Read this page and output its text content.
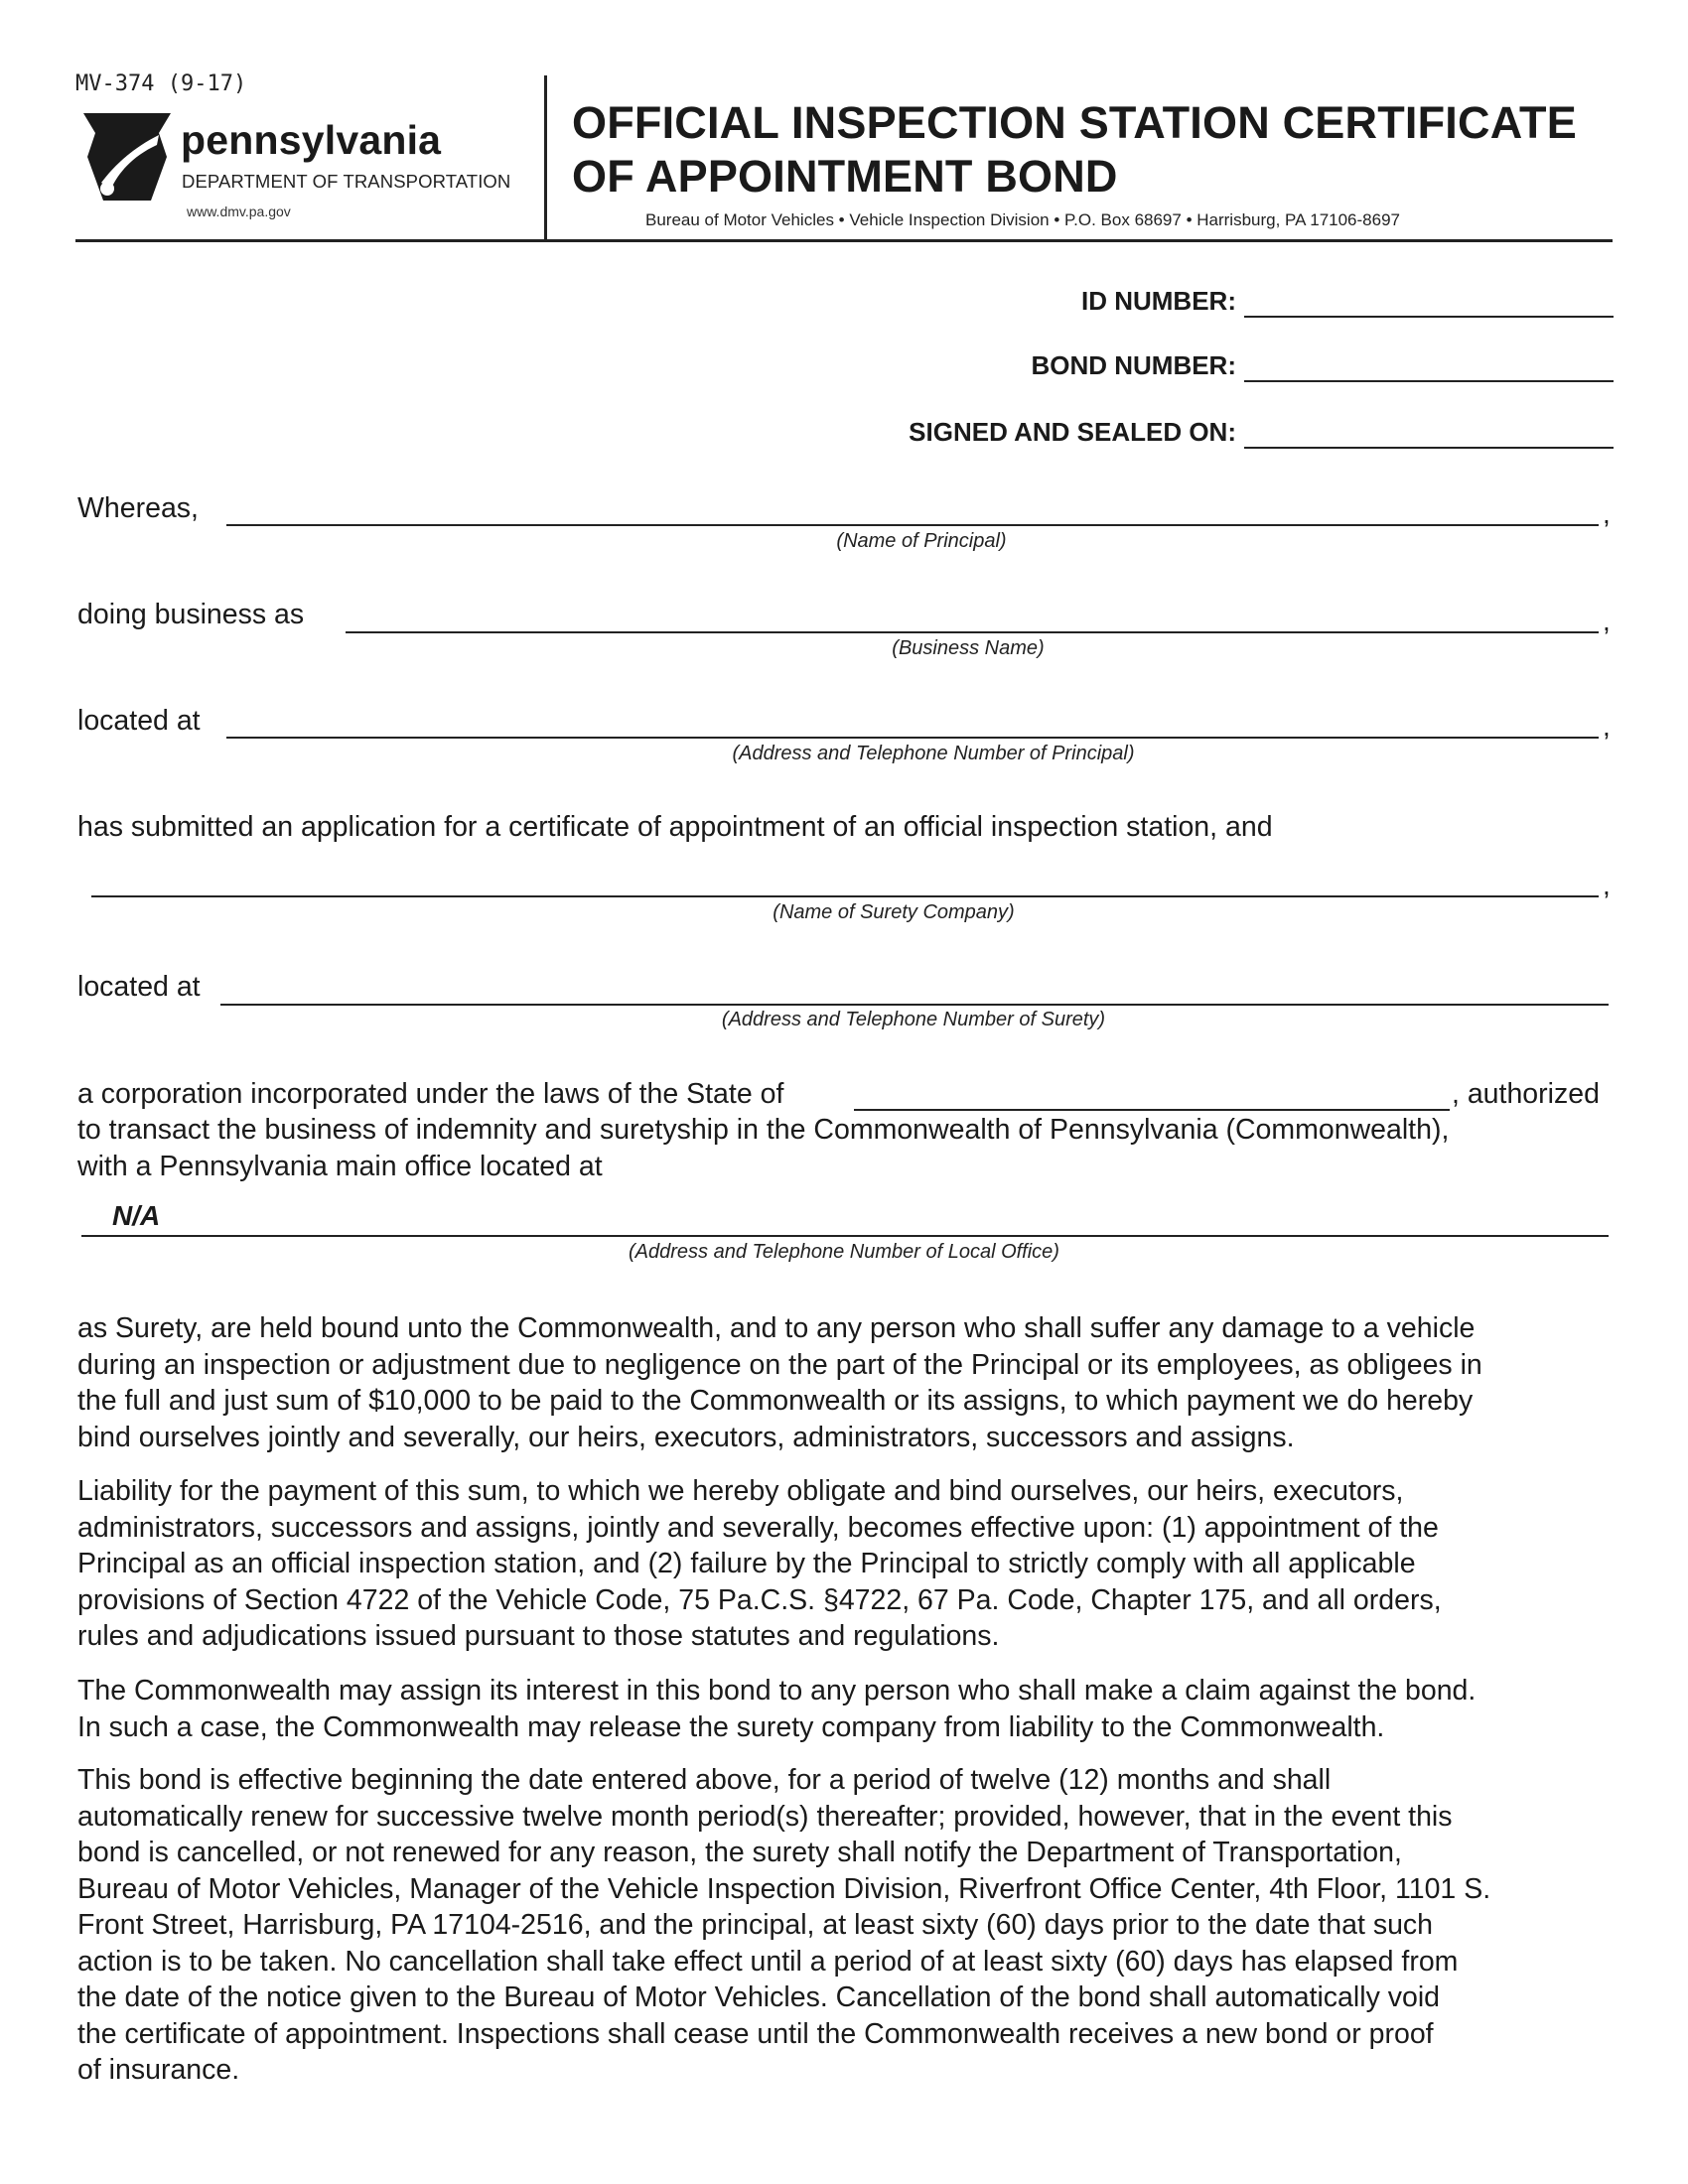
MV-374 (9-17)
pennsylvania
DEPARTMENT OF TRANSPORTATION
www.dmv.pa.gov
OFFICIAL INSPECTION STATION CERTIFICATE
OF APPOINTMENT BOND
Bureau of Motor Vehicles • Vehicle Inspection Division • P.O. Box 68697 • Harrisburg, PA 17106-8697
ID NUMBER:
BOND NUMBER:
SIGNED AND SEALED ON:
Whereas,	,
(Name of Principal)
doing business as	,
(Business Name)
located at	,
(Address and Telephone Number of Principal)
has submitted an application for a certificate of appointment of an official inspection station, and
,
(Name of Surety Company)
located at
(Address and Telephone Number of Surety)
a corporation incorporated under the laws of the State of	, authorized
to transact the business of indemnity and suretyship in the Commonwealth of Pennsylvania (Commonwealth),
with a Pennsylvania main office located at
N/A
(Address and Telephone Number of Local Office)
as Surety, are held bound unto the Commonwealth, and to any person who shall suffer any damage to a vehicle
during an inspection or adjustment due to negligence on the part of the Principal or its employees, as obligees in
the full and just sum of $10,000 to be paid to the Commonwealth or its assigns, to which payment we do hereby
bind ourselves jointly and severally, our heirs, executors, administrators, successors and assigns.
Liability for the payment of this sum, to which we hereby obligate and bind ourselves, our heirs, executors,
administrators, successors and assigns, jointly and severally, becomes effective upon: (1) appointment of the
Principal as an official inspection station, and (2) failure by the Principal to strictly comply with all applicable
provisions of Section 4722 of the Vehicle Code, 75 Pa.C.S. §4722, 67 Pa. Code, Chapter 175, and all orders,
rules and adjudications issued pursuant to those statutes and regulations.
The Commonwealth may assign its interest in this bond to any person who shall make a claim against the bond.
In such a case, the Commonwealth may release the surety company from liability to the Commonwealth.
This bond is effective beginning the date entered above, for a period of twelve (12) months and shall
automatically renew for successive twelve month period(s) thereafter; provided, however, that in the event this
bond is cancelled, or not renewed for any reason, the surety shall notify the Department of Transportation,
Bureau of Motor Vehicles, Manager of the Vehicle Inspection Division, Riverfront Office Center, 4th Floor, 1101 S.
Front Street, Harrisburg, PA 17104-2516, and the principal, at least sixty (60) days prior to the date that such
action is to be taken. No cancellation shall take effect until a period of at least sixty (60) days has elapsed from
the date of the notice given to the Bureau of Motor Vehicles. Cancellation of the bond shall automatically void
the certificate of appointment. Inspections shall cease until the Commonwealth receives a new bond or proof
of insurance.
